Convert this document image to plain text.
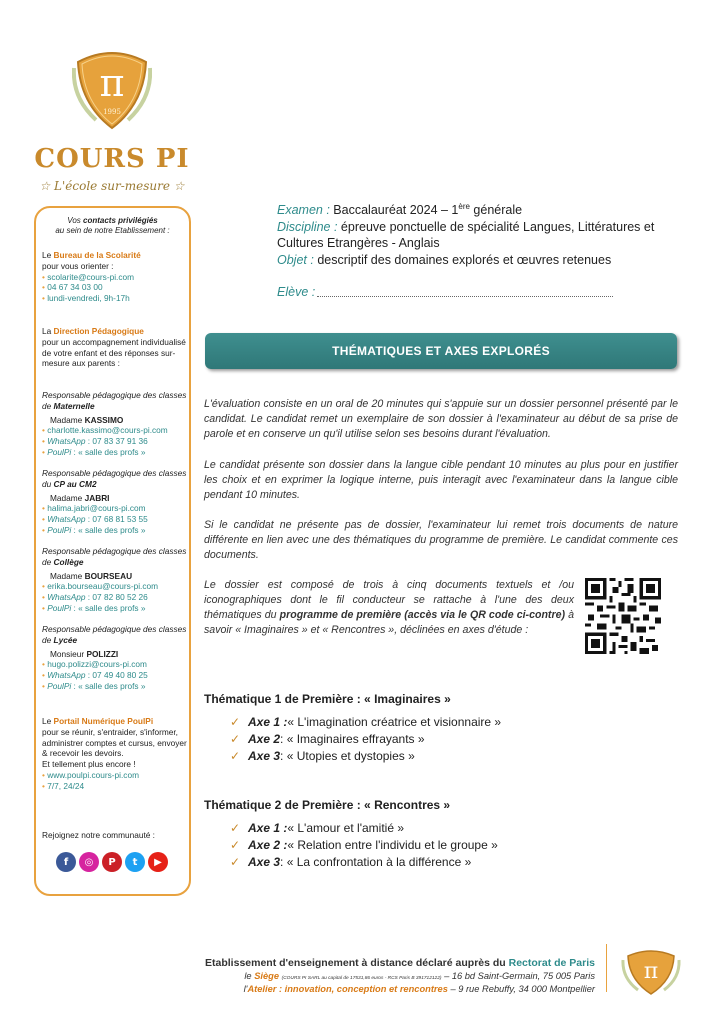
π
1995
COURS PI
☆ L'école sur-mesure ☆
Vos contacts privilégiés
au sein de notre Etablissement :
Le Bureau de la Scolarité
pour vous orienter :
• scolarite@cours-pi.com
• 04 67 34 03 00
• lundi-vendredi, 9h-17h
La Direction Pédagogique
pour un accompagnement individualisé de votre enfant et des réponses sur-mesure aux parents :
Responsable pédagogique des classes de Maternelle
Madame KASSIMO
• charlotte.kassimo@cours-pi.com
• WhatsApp : 07 83 37 91 36
• PoulPi : « salle des profs »
Responsable pédagogique des classes du CP au CM2
Madame JABRI
• halima.jabri@cours-pi.com
• WhatsApp : 07 68 81 53 55
• PoulPi : « salle des profs »
Responsable pédagogique des classes de Collège
Madame BOURSEAU
• erika.bourseau@cours-pi.com
• WhatsApp : 07 82 80 52 26
• PoulPi : « salle des profs »
Responsable pédagogique des classes de Lycée
Monsieur POLIZZI
• hugo.polizzi@cours-pi.com
• WhatsApp : 07 49 40 80 25
• PoulPi : « salle des profs »
Le Portail Numérique PoulPi
pour se réunir, s'entraider, s'informer, administrer comptes et cursus, envoyer & recevoir les devoirs.
Et tellement plus encore !
• www.poulpi.cours-pi.com
• 7/7, 24/24
Rejoignez notre communauté :
f	◎	P	t	▶
Examen : Baccalauréat 2024 – 1ère générale
Discipline : épreuve ponctuelle de spécialité Langues, Littératures et Cultures Etrangères - Anglais
Objet : descriptif des domaines explorés et œuvres retenues
Elève :
THÉMATIQUES ET AXES EXPLORÉS
L'évaluation consiste en un oral de 20 minutes qui s'appuie sur un dossier personnel présenté par le candidat. Le candidat remet un exemplaire de son dossier à l'examinateur au début de sa prise de parole et en conserve un qu'il utilise selon ses besoins durant l'évaluation.
Le candidat présente son dossier dans la langue cible pendant 10 minutes au plus pour en justifier les choix et en exprimer la logique interne, puis interagit avec l'examinateur dans la langue cible pendant 10 minutes.
Si le candidat ne présente pas de dossier, l'examinateur lui remet trois documents de nature différente en lien avec une des thématiques du programme de première. Le candidat commente ces documents.
Le dossier est composé de trois à cinq documents textuels et /ou iconographiques dont le fil conducteur se rattache à l'une des deux thématiques du programme de première (accès via le QR code ci-contre) à savoir « Imaginaires » et « Rencontres », déclinées en axes d'étude :
Thématique 1 de Première : « Imaginaires »
✓ Axe 1 : « L'imagination créatrice et visionnaire »
✓ Axe 2 : « Imaginaires effrayants »
✓ Axe 3 : « Utopies et dystopies »
Thématique 2 de Première : « Rencontres »
✓ Axe 1 : « L'amour et l'amitié »
✓ Axe 2 : « Relation entre l'individu et le groupe »
✓ Axe 3 : « La confrontation à la différence »
Etablissement d'enseignement à distance déclaré auprès du Rectorat de Paris
le Siège (COURS PI SARL au capital de 17531,86 euros - RCS Paris B 391712122) – 16 bd Saint-Germain, 75 005 Paris
l'Atelier : innovation, conception et rencontres – 9 rue Rebuffy, 34 000 Montpellier
π
